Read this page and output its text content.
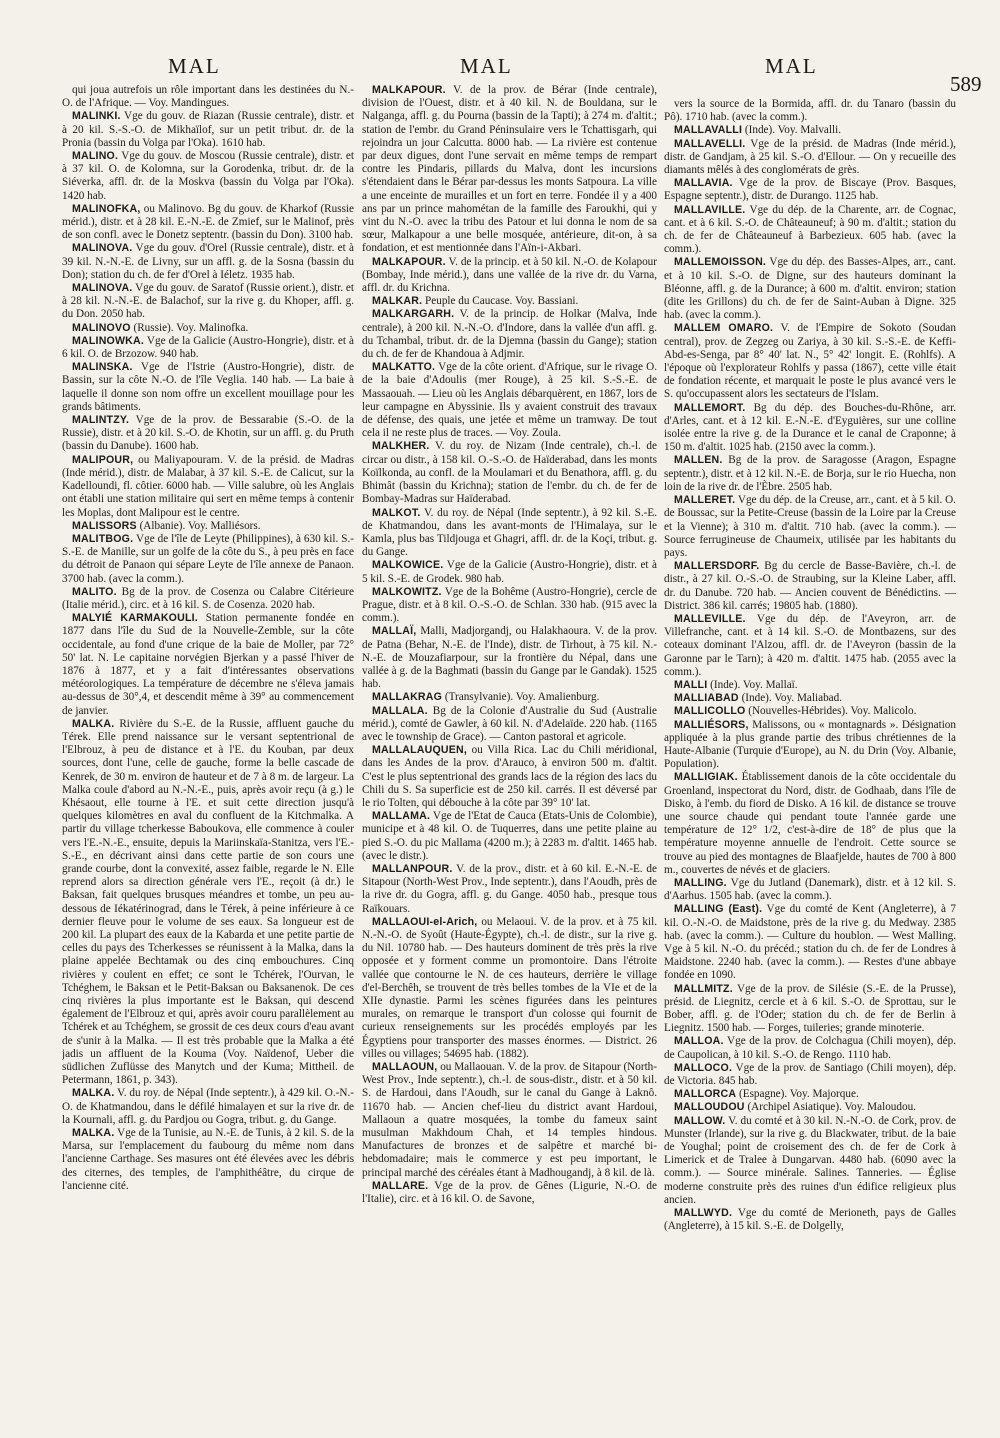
MAL	MAL	MAL
589

qui joua autrefois un rôle important dans les destinées du N.-O. de l'Afrique. — Voy. Mandingues.

MALINKI. Vge du gouv. de Riazan (Russie centrale), distr. et à 20 kil. S.-S.-O. de Mikhaïlof, sur un petit tribut. dr. de la Pronia (bassin du Volga par l'Oka). 1610 hab.

MALINO. Vge du gouv. de Moscou (Russie centrale), distr. et à 37 kil. O. de Kolomna, sur la Gorodenka, tribut. dr. de la Siéverka, affl. dr. de la Moskva (bassin du Volga par l'Oka). 1420 hab.

MALINOFKA, ou Malinovo. Bg du gouv. de Kharkof (Russie mérid.), distr. et à 28 kil. E.-N.-E. de Zmief, sur le Malinof, près de son confl. avec le Donetz septentr. (bassin du Don). 3100 hab.

MALINOVA. Vge du gouv. d'Orel (Russie centrale), distr. et à 39 kil. N.-N.-E. de Livny, sur un affl. g. de la Sosna (bassin du Don); station du ch. de fer d'Orel à Iéletz. 1935 hab.

MALINOVA. Vge du gouv. de Saratof (Russie orient.), distr. et à 28 kil. N.-N.-E. de Balachof, sur la rive g. du Khoper, affl. g. du Don. 2050 hab.

MALINOVO (Russie). Voy. Malinofka.

MALINOWKA. Vge de la Galicie (Austro-Hongrie), distr. et à 6 kil. O. de Brzozow. 940 hab.

MALINSKA. Vge de l'Istrie (Austro-Hongrie), distr. de Bassin, sur la côte N.-O. de l'île Veglia. 140 hab. — La baie à laquelle il donne son nom offre un excellent mouillage pour les grands bâtiments.

MALINTZY. Vge de la prov. de Bessarabie (S.-O. de la Russie), distr. et à 20 kil. S.-O. de Khotin, sur un affl. g. du Pruth (bassin du Danube). 1600 hab.

MALIPOUR, ou Maliyapouram. V. de la présid. de Madras (Inde mérid.), distr. de Malabar, à 37 kil. S.-E. de Calicut, sur la Kadelloundi, fl. côtier. 6000 hab. — Ville salubre, où les Anglais ont établi une station militaire qui sert en même temps à contenir les Moplas, dont Malipour est le centre.

MALISSORS (Albanie). Voy. Malliésors.

MALITBOG. Vge de l'île de Leyte (Philippines), à 630 kil. S.-S.-E. de Manille, sur un golfe de la côte du S., à peu près en face du détroit de Panaon qui sépare Leyte de l'île annexe de Panaon. 3700 hab. (avec la comm.).

MALITO. Bg de la prov. de Cosenza ou Calabre Citérieure (Italie mérid.), circ. et à 16 kil. S. de Cosenza. 2020 hab.

MALYIÉ KARMAKOULI. Station permanente fondée en 1877 dans l'île du Sud de la Nouvelle-Zemble, sur la côte occidentale, au fond d'une crique de la baie de Moller, par 72° 50' lat. N. Le capitaine norvégien Bjerkan y a passé l'hiver de 1876 à 1877, et y a fait d'intéressantes observations météorologiques. La température de décembre ne s'éleva jamais au-dessus de 30°,4, et descendit même à 39° au commencement de janvier.

MALKA. Rivière du S.-E. de la Russie, affluent gauche du Térek. Elle prend naissance sur le versant septentrional de l'Elbrouz, à peu de distance et à l'E. du Kouban, par deux sources, dont l'une, celle de gauche, forme la belle cascade de Kenrek, de 30 m. environ de hauteur et de 7 à 8 m. de largeur. La Malka coule d'abord au N.-N.-E., puis, après avoir reçu (à g.) le Khésaout, elle tourne à l'E. et suit cette direction jusqu'à quelques kilomètres en aval du confluent de la Kitchmalka. A partir du village tcherkesse Baboukova, elle commence à couler vers l'E.-N.-E., ensuite, depuis la Mariinskaïa-Stanitza, vers l'E.-S.-E., en décrivant ainsi dans cette partie de son cours une grande courbe, dont la convexité, assez faible, regarde le N. Elle reprend alors sa direction générale vers l'E., reçoit (à dr.) le Baksan, fait quelques brusques méandres et tombe, un peu au-dessous de Iékatérinograd, dans le Térek, à peine inférieure à ce dernier fleuve pour le volume de ses eaux. Sa longueur est de 200 kil. La plupart des eaux de la Kabarda et une petite partie de celles du pays des Tcherkesses se réunissent à la Malka, dans la plaine appelée Bechtamak ou des cinq embouchures. Cinq rivières y coulent en effet; ce sont le Tchérek, l'Ourvan, le Tchéghem, le Baksan et le Petit-Baksan ou Baksanenok. De ces cinq rivières la plus importante est le Baksan, qui descend également de l'Elbrouz et qui, après avoir couru parallèlement au Tchérek et au Tchéghem, se grossit de ces deux cours d'eau avant de s'unir à la Malka. — Il est très probable que la Malka a été jadis un affluent de la Kouma (Voy. Naïdenof, Ueber die südlichen Zuflüsse des Manytch und der Kuma; Mittheil. de Petermann, 1861, p. 343).

MALKA. V. du roy. de Népal (Inde septentr.), à 429 kil. O.-N.-O. de Khatmandou, dans le défilé himalayen et sur la rive dr. de la Kournali, affl. g. du Pardjou ou Gogra, tribut. g. du Gange.

MALKA. Vge de la Tunisie, au N.-E. de Tunis, à 2 kil. S. de la Marsa, sur l'emplacement du faubourg du même nom dans l'ancienne Carthage. Ses masures ont été élevées avec les débris des citernes, des temples, de l'amphithéâtre, du cirque de l'ancienne cité.

MALKAPOUR. V. de la prov. de Bérar (Inde centrale), division de l'Ouest, distr. et à 40 kil. N. de Bouldana, sur le Nalganga, affl. g. du Pourna (bassin de la Tapti); à 274 m. d'altit.; station de l'embr. du Grand Péninsulaire vers le Tchattisgarh, qui rejoindra un jour Calcutta. 8000 hab. — La rivière est contenue par deux digues, dont l'une servait en même temps de rempart contre les Pindaris, pillards du Malva, dont les incursions s'étendaient dans le Bérar par-dessus les monts Satpoura. La ville a une enceinte de murailles et un fort en terre. Fondée il y a 400 ans par un prince mahométan de la famille des Faroukhi, qui y vint du N.-O. avec la tribu des Patour et lui donna le nom de sa sœur, Malkapour a une belle mosquée, antérieure, dit-on, à sa fondation, et est mentionnée dans l'Aïn-i-Akbari.

MALKAPOUR. V. de la princip. et à 50 kil. N.-O. de Kolapour (Bombay, Inde mérid.), dans une vallée de la rive dr. du Varna, affl. dr. du Krichna.

MALKAR. Peuple du Caucase. Voy. Bassiani.

MALKARGARH. V. de la princip. de Holkar (Malva, Inde centrale), à 200 kil. N.-N.-O. d'Indore, dans la vallée d'un affl. g. du Tchambal, tribut. dr. de la Djemna (bassin du Gange); station du ch. de fer de Khandoua à Adjmir.

MALKATTO. Vge de la côte orient. d'Afrique, sur le rivage O. de la baie d'Adoulis (mer Rouge), à 25 kil. S.-S.-E. de Massaouah. — Lieu où les Anglais débarquèrent, en 1867, lors de leur campagne en Abyssinie. Ils y avaient construit des travaux de défense, des quais, une jetée et même un tramway. De tout cela il ne reste plus de traces. — Voy. Zoula.

MALKHER. V. du roy. de Nizam (Inde centrale), ch.-l. de circar ou distr., à 158 kil. O.-S.-O. de Haïderabad, dans les monts Koïlkonda, au confl. de la Moulamari et du Benathora, affl. g. du Bhimât (bassin du Krichna); station de l'embr. du ch. de fer de Bombay-Madras sur Haïderabad.

MALKOT. V. du roy. de Népal (Inde septentr.), à 92 kil. S.-E. de Khatmandou, dans les avant-monts de l'Himalaya, sur le Kamla, plus bas Tildjouga et Ghagri, affl. dr. de la Koçi, tribut. g. du Gange.

MALKOWICE. Vge de la Galicie (Austro-Hongrie), distr. et à 5 kil. S.-E. de Grodek. 980 hab.

MALKOWITZ. Vge de la Bohême (Austro-Hongrie), cercle de Prague, distr. et à 8 kil. O.-S.-O. de Schlan. 330 hab. (915 avec la comm.).

MALLAÏ, Malli, Madjorgandj, ou Halakhaoura. V. de la prov. de Patna (Behar, N.-E. de l'Inde), distr. de Tirhout, à 75 kil. N.-N.-E. de Mouzafiarpour, sur la frontière du Népal, dans une vallée à g. de la Baghmati (bassin du Gange par le Gandak). 1525 hab.

MALLAKRAG (Transylvanie). Voy. Amalienburg.

MALLALA. Bg de la Colonie d'Australie du Sud (Australie mérid.), comté de Gawler, à 60 kil. N. d'Adelaïde. 220 hab. (1165 avec le township de Grace). — Canton pastoral et agricole.

MALLALAUQUEN, ou Villa Rica. Lac du Chili méridional, dans les Andes de la prov. d'Arauco, à environ 500 m. d'altit. C'est le plus septentrional des grands lacs de la région des lacs du Chili du S. Sa superficie est de 250 kil. carrés. Il est déversé par le rio Tolten, qui débouche à la côte par 39° 10' lat.

MALLAMA. Vge de l'Etat de Cauca (Etats-Unis de Colombie), municipe et à 48 kil. O. de Tuquerres, dans une petite plaine au pied S.-O. du pic Mallama (4200 m.); à 2283 m. d'altit. 1465 hab. (avec le distr.).

MALLANPOUR. V. de la prov., distr. et à 60 kil. E.-N.-E. de Sitapour (North-West Prov., Inde septentr.), dans l'Aoudh, près de la rive dr. du Gogra, affl. g. du Gange. 4050 hab., presque tous Raïkouars.

MALLAOUI-el-Arich, ou Melaoui. V. de la prov. et à 75 kil. N.-N.-O. de Syoût (Haute-Égypte), ch.-l. de distr., sur la rive g. du Nil. 10780 hab. — Des hauteurs dominent de très près la rive opposée et y forment comme un promontoire. Dans l'étroite vallée que contourne le N. de ces hauteurs, derrière le village d'el-Berchêh, se trouvent de très belles tombes de la VIe et de la XIIe dynastie. Parmi les scènes figurées dans les peintures murales, on remarque le transport d'un colosse qui fournit de curieux renseignements sur les procédés employés par les Égyptiens pour transporter des masses énormes. — District. 26 villes ou villages; 54695 hab. (1882).

MALLAOUN, ou Mallaouan. V. de la prov. de Sitapour (North-West Prov., Inde septentr.), ch.-l. de sous-distr., distr. et à 50 kil. S. de Hardoui, dans l'Aoudh, sur le canal du Gange à Laknô. 11670 hab. — Ancien chef-lieu du district avant Hardoui, Mallaoun a quatre mosquées, la tombe du fameux saint musulman Makhdoum Chah, et 14 temples hindous. Manufactures de bronzes et de salpêtre et marché bi-hebdomadaire; mais le commerce y est peu important, le principal marché des céréales étant à Madhougandj, à 8 kil. de là.

MALLARE. Vge de la prov. de Gênes (Ligurie, N.-O. de l'Italie), circ. et à 16 kil. O. de Savone,

vers la source de la Bormida, affl. dr. du Tanaro (bassin du Pô). 1710 hab. (avec la comm.).

MALLAVALLI (Inde). Voy. Malvalli.

MALLAVELLI. Vge de la présid. de Madras (Inde mérid.), distr. de Gandjam, à 25 kil. S.-O. d'Ellour. — On y recueille des diamants mêlés à des conglomérats de grès.

MALLAVIA. Vge de la prov. de Biscaye (Prov. Basques, Espagne septentr.), distr. de Durango. 1125 hab.

MALLAVILLE. Vge du dép. de la Charente, arr. de Cognac, cant. et à 6 kil. S.-O. de Châteauneuf; à 90 m. d'altit.; station du ch. de fer de Châteauneuf à Barbezieux. 605 hab. (avec la comm.).

MALLEMOISSON. Vge du dép. des Basses-Alpes, arr., cant. et à 10 kil. S.-O. de Digne, sur des hauteurs dominant la Bléonne, affl. g. de la Durance; à 600 m. d'altit. environ; station (dite les Grillons) du ch. de fer de Saint-Auban à Digne. 325 hab. (avec la comm.).

MALLEM OMARO. V. de l'Empire de Sokoto (Soudan central), prov. de Zegzeg ou Zariya, à 30 kil. S.-S.-E. de Keffi-Abd-es-Senga, par 8° 40' lat. N., 5° 42' longit. E. (Rohlfs). A l'époque où l'explorateur Rohlfs y passa (1867), cette ville était de fondation récente, et marquait le poste le plus avancé vers le S. qu'occupassent alors les sectateurs de l'Islam.

MALLEMORT. Bg du dép. des Bouches-du-Rhône, arr. d'Arles, cant. et à 12 kil. E.-N.-E. d'Eyguières, sur une colline isolée entre la rive g. de la Durance et le canal de Craponne; à 150 m. d'altit. 1025 hab. (2150 avec la comm.).

MALLEN. Bg de la prov. de Saragosse (Aragon, Espagne septentr.), distr. et à 12 kil. N.-E. de Borja, sur le rio Huecha, non loin de la rive dr. de l'Èbre. 2505 hab.

MALLERET. Vge du dép. de la Creuse, arr., cant. et à 5 kil. O. de Boussac, sur la Petite-Creuse (bassin de la Loire par la Creuse et la Vienne); à 310 m. d'altit. 710 hab. (avec la comm.). — Source ferrugineuse de Chaumeix, utilisée par les habitants du pays.

MALLERSDORF. Bg du cercle de Basse-Bavière, ch.-l. de distr., à 27 kil. O.-S.-O. de Straubing, sur la Kleine Laber, affl. dr. du Danube. 720 hab. — Ancien couvent de Bénédictins. — District. 386 kil. carrés; 19805 hab. (1880).

MALLEVILLE. Vge du dép. de l'Aveyron, arr. de Villefranche, cant. et à 14 kil. S.-O. de Montbazens, sur des coteaux dominant l'Alzou, affl. dr. de l'Aveyron (bassin de la Garonne par le Tarn); à 420 m. d'altit. 1475 hab. (2055 avec la comm.).

MALLI (Inde). Voy. Mallaï.

MALLIABAD (Inde). Voy. Maliabad.

MALLICOLLO (Nouvelles-Hébrides). Voy. Malicolo.

MALLIÉSORS, Malissons, ou « montagnards ». Désignation appliquée à la plus grande partie des tribus chrétiennes de la Haute-Albanie (Turquie d'Europe), au N. du Drin (Voy. Albanie, Population).

MALLIGIAK. Établissement danois de la côte occidentale du Groenland, inspectorat du Nord, distr. de Godhaab, dans l'île de Disko, à l'emb. du fiord de Disko. A 16 kil. de distance se trouve une source chaude qui pendant toute l'année garde une température de 12° 1/2, c'est-à-dire de 18° de plus que la température moyenne annuelle de l'endroit. Cette source se trouve au pied des montagnes de Blaafjelde, hautes de 700 à 800 m., couvertes de névés et de glaciers.

MALLING. Vge du Jutland (Danemark), distr. et à 12 kil. S. d'Aarhus. 1505 hab. (avec la comm.).

MALLING (East). Vge du comté de Kent (Angleterre), à 7 kil. O.-N.-O. de Maidstone, près de la rive g. du Medway. 2385 hab. (avec la comm.). — Culture du houblon. — West Malling. Vge à 5 kil. N.-O. du précéd.; station du ch. de fer de Londres à Maidstone. 2240 hab. (avec la comm.). — Restes d'une abbaye fondée en 1090.

MALLMITZ. Vge de la prov. de Silésie (S.-E. de la Prusse), présid. de Liegnitz, cercle et à 6 kil. S.-O. de Sprottau, sur le Bober, affl. g. de l'Oder; station du ch. de fer de Berlin à Liegnitz. 1500 hab. — Forges, tuileries; grande minoterie.

MALLOA. Vge de la prov. de Colchagua (Chili moyen), dép. de Caupolican, à 10 kil. S.-O. de Rengo. 1110 hab.

MALLOCO. Vge de la prov. de Santiago (Chili moyen), dép. de Victoria. 845 hab.

MALLORCA (Espagne). Voy. Majorque.

MALLOUDOU (Archipel Asiatique). Voy. Maloudou.

MALLOW. V. du comté et à 30 kil. N.-N.-O. de Cork, prov. de Munster (Irlande), sur la rive g. du Blackwater, tribut. de la baie de Youghal; point de croisement des ch. de fer de Cork à Limerick et de Tralee à Dungarvan. 4480 hab. (6090 avec la comm.). — Source minérale. Salines. Tanneries. — Église moderne construite près des ruines d'un édifice religieux plus ancien.

MALLWYD. Vge du comté de Merioneth, pays de Galles (Angleterre), à 15 kil. S.-E. de Dolgelly,
